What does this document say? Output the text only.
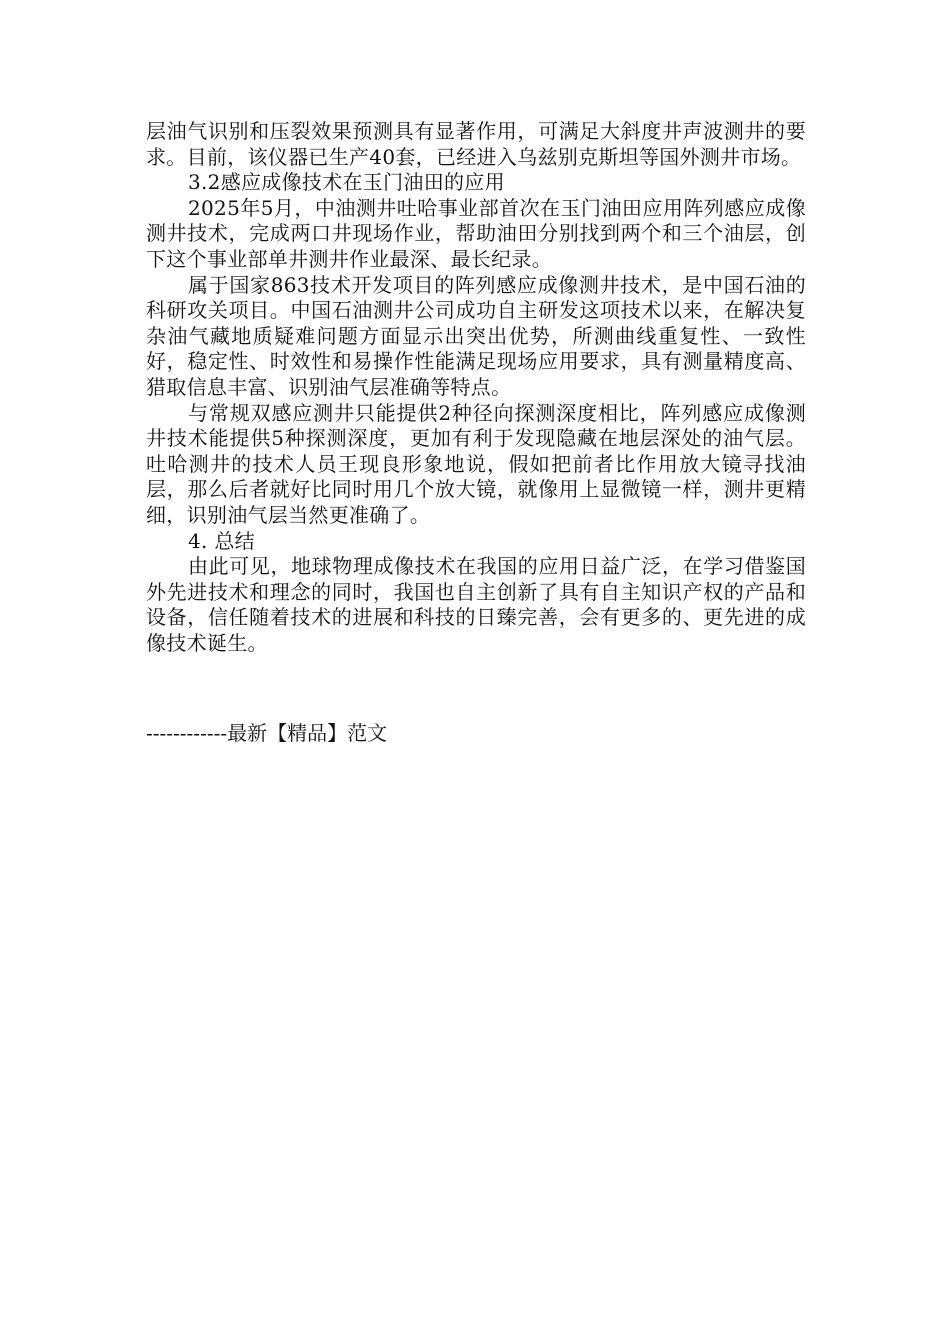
层油气识别和压裂效果预测具有显著作用，可满足大斜度井声波测井的要求。目前，该仪器已生产40套，已经进入乌兹别克斯坦等国外测井市场。

3.2感应成像技术在玉门油田的应用

2025年5月，中油测井吐哈事业部首次在玉门油田应用阵列感应成像测井技术，完成两口井现场作业，帮助油田分别找到两个和三个油层，创下这个事业部单井测井作业最深、最长纪录。

属于国家863技术开发项目的阵列感应成像测井技术，是中国石油的科研攻关项目。中国石油测井公司成功自主研发这项技术以来，在解决复杂油气藏地质疑难问题方面显示出突出优势，所测曲线重复性、一致性好，稳定性、时效性和易操作性能满足现场应用要求，具有测量精度高、猎取信息丰富、识别油气层准确等特点。

与常规双感应测井只能提供2种径向探测深度相比，阵列感应成像测井技术能提供5种探测深度，更加有利于发现隐藏在地层深处的油气层。吐哈测井的技术人员王现良形象地说，假如把前者比作用放大镜寻找油层，那么后者就好比同时用几个放大镜，就像用上显微镜一样，测井更精细，识别油气层当然更准确了。

4. 总结

由此可见，地球物理成像技术在我国的应用日益广泛，在学习借鉴国外先进技术和理念的同时，我国也自主创新了具有自主知识产权的产品和设备，信任随着技术的进展和科技的日臻完善，会有更多的、更先进的成像技术诞生。

------------最新【精品】范文
